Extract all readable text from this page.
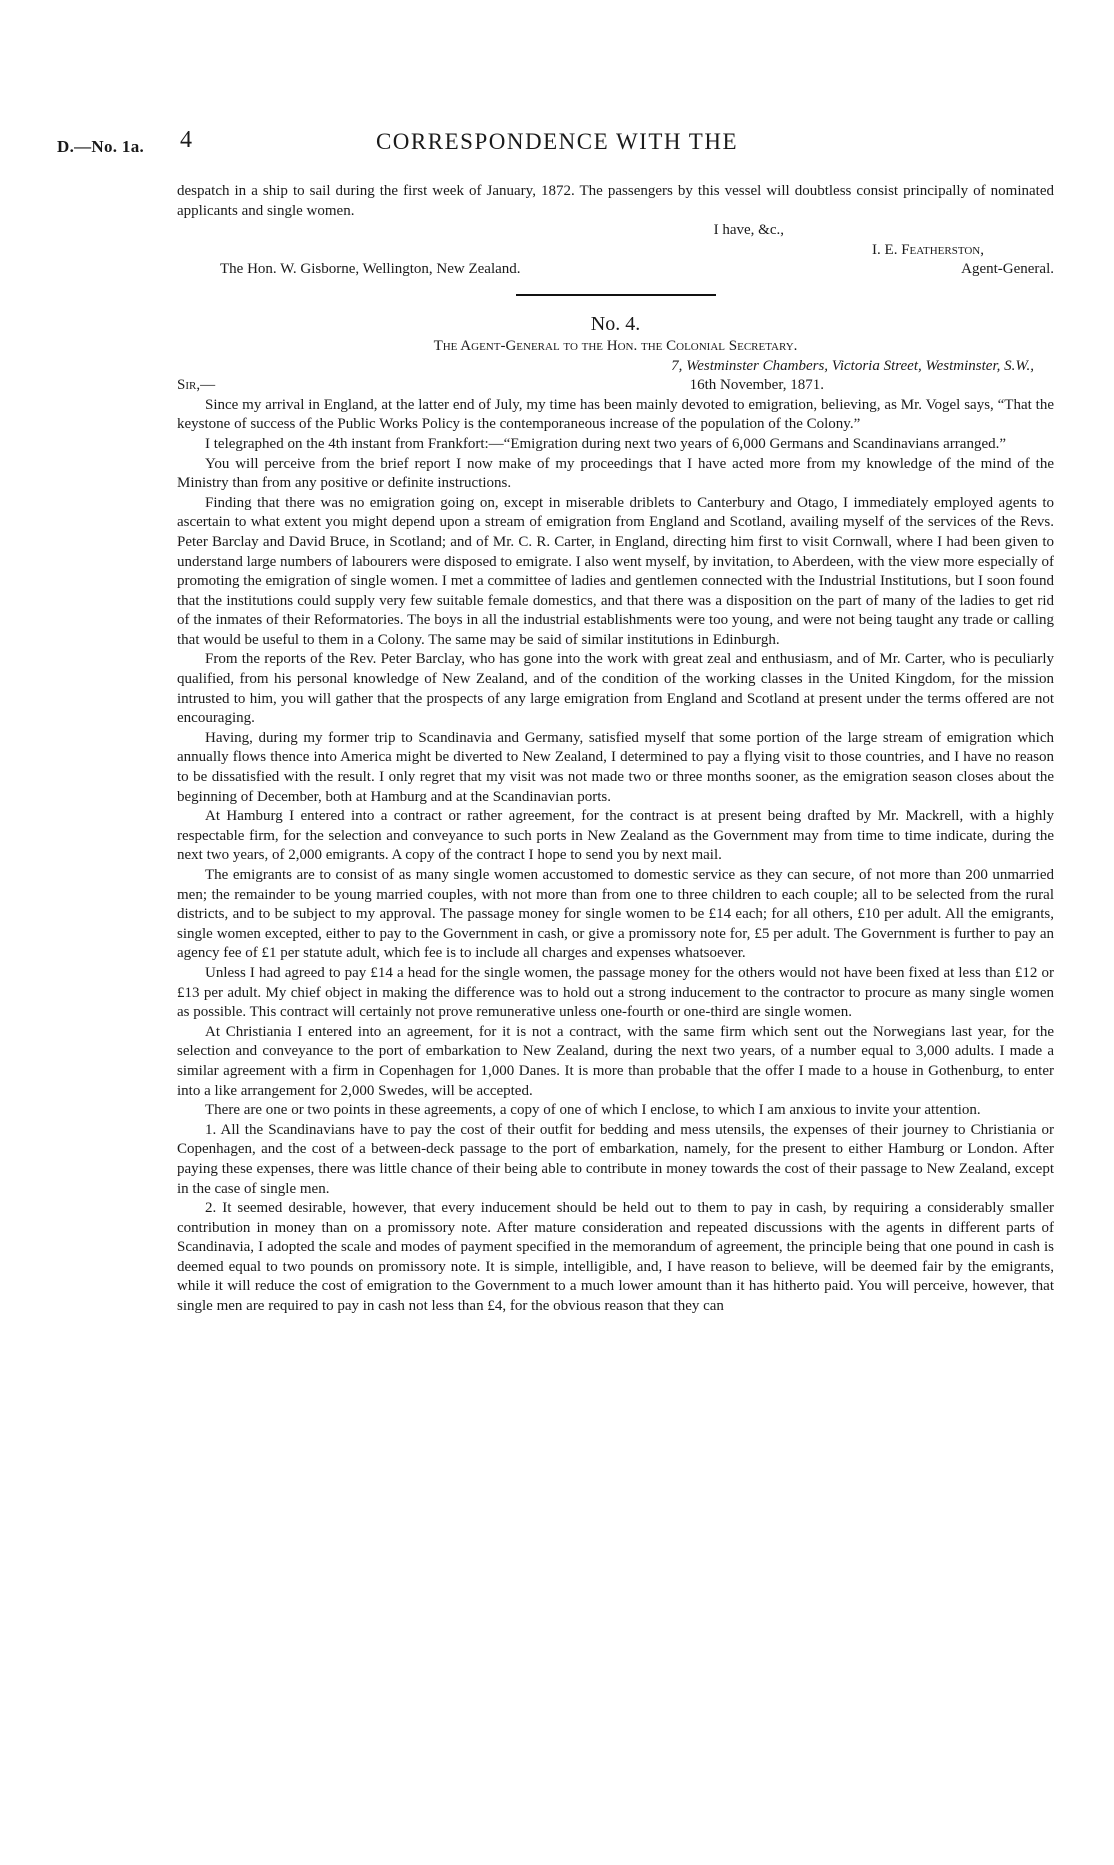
D.—No. 1a. 4	CORRESPONDENCE WITH THE

despatch in a ship to sail during the first week of January, 1872. The passengers by this vessel will doubtless consist principally of nominated applicants and single women.

I have, &c.,
I. E. Featherston,
The Hon. W. Gisborne, Wellington, New Zealand.	Agent-General.
No. 4.
The Agent-General to the Hon. the Colonial Secretary.
7, Westminster Chambers, Victoria Street, Westminster, S.W.,
Sir,—	16th November, 1871.

Since my arrival in England, at the latter end of July, my time has been mainly devoted to emigration, believing, as Mr. Vogel says, “That the keystone of success of the Public Works Policy is the contemporaneous increase of the population of the Colony.”

I telegraphed on the 4th instant from Frankfort:—“Emigration during next two years of 6,000 Germans and Scandinavians arranged.”

You will perceive from the brief report I now make of my proceedings that I have acted more from my knowledge of the mind of the Ministry than from any positive or definite instructions.

Finding that there was no emigration going on, except in miserable driblets to Canterbury and Otago, I immediately employed agents to ascertain to what extent you might depend upon a stream of emigration from England and Scotland, availing myself of the services of the Revs. Peter Barclay and David Bruce, in Scotland; and of Mr. C. R. Carter, in England, directing him first to visit Cornwall, where I had been given to understand large numbers of labourers were disposed to emigrate. I also went myself, by invitation, to Aberdeen, with the view more especially of promoting the emigration of single women. I met a committee of ladies and gentlemen connected with the Industrial Institutions, but I soon found that the institutions could supply very few suitable female domestics, and that there was a disposition on the part of many of the ladies to get rid of the inmates of their Reformatories. The boys in all the industrial establishments were too young, and were not being taught any trade or calling that would be useful to them in a Colony. The same may be said of similar institutions in Edinburgh.

From the reports of the Rev. Peter Barclay, who has gone into the work with great zeal and enthusiasm, and of Mr. Carter, who is peculiarly qualified, from his personal knowledge of New Zealand, and of the condition of the working classes in the United Kingdom, for the mission intrusted to him, you will gather that the prospects of any large emigration from England and Scotland at present under the terms offered are not encouraging.

Having, during my former trip to Scandinavia and Germany, satisfied myself that some portion of the large stream of emigration which annually flows thence into America might be diverted to New Zealand, I determined to pay a flying visit to those countries, and I have no reason to be dissatisfied with the result. I only regret that my visit was not made two or three months sooner, as the emigration season closes about the beginning of December, both at Hamburg and at the Scandinavian ports.

At Hamburg I entered into a contract or rather agreement, for the contract is at present being drafted by Mr. Mackrell, with a highly respectable firm, for the selection and conveyance to such ports in New Zealand as the Government may from time to time indicate, during the next two years, of 2,000 emigrants. A copy of the contract I hope to send you by next mail.

The emigrants are to consist of as many single women accustomed to domestic service as they can secure, of not more than 200 unmarried men; the remainder to be young married couples, with not more than from one to three children to each couple; all to be selected from the rural districts, and to be subject to my approval. The passage money for single women to be £14 each; for all others, £10 per adult. All the emigrants, single women excepted, either to pay to the Government in cash, or give a promissory note for, £5 per adult. The Government is further to pay an agency fee of £1 per statute adult, which fee is to include all charges and expenses whatsoever.

Unless I had agreed to pay £14 a head for the single women, the passage money for the others would not have been fixed at less than £12 or £13 per adult. My chief object in making the difference was to hold out a strong inducement to the contractor to procure as many single women as possible. This contract will certainly not prove remunerative unless one-fourth or one-third are single women.

At Christiania I entered into an agreement, for it is not a contract, with the same firm which sent out the Norwegians last year, for the selection and conveyance to the port of embarkation to New Zealand, during the next two years, of a number equal to 3,000 adults. I made a similar agreement with a firm in Copenhagen for 1,000 Danes. It is more than probable that the offer I made to a house in Gothenburg, to enter into a like arrangement for 2,000 Swedes, will be accepted.

There are one or two points in these agreements, a copy of one of which I enclose, to which I am anxious to invite your attention.

1. All the Scandinavians have to pay the cost of their outfit for bedding and mess utensils, the expenses of their journey to Christiania or Copenhagen, and the cost of a between-deck passage to the port of embarkation, namely, for the present to either Hamburg or London. After paying these expenses, there was little chance of their being able to contribute in money towards the cost of their passage to New Zealand, except in the case of single men.

2. It seemed desirable, however, that every inducement should be held out to them to pay in cash, by requiring a considerably smaller contribution in money than on a promissory note. After mature consideration and repeated discussions with the agents in different parts of Scandinavia, I adopted the scale and modes of payment specified in the memorandum of agreement, the principle being that one pound in cash is deemed equal to two pounds on promissory note. It is simple, intelligible, and, I have reason to believe, will be deemed fair by the emigrants, while it will reduce the cost of emigration to the Government to a much lower amount than it has hitherto paid. You will perceive, however, that single men are required to pay in cash not less than £4, for the obvious reason that they can
